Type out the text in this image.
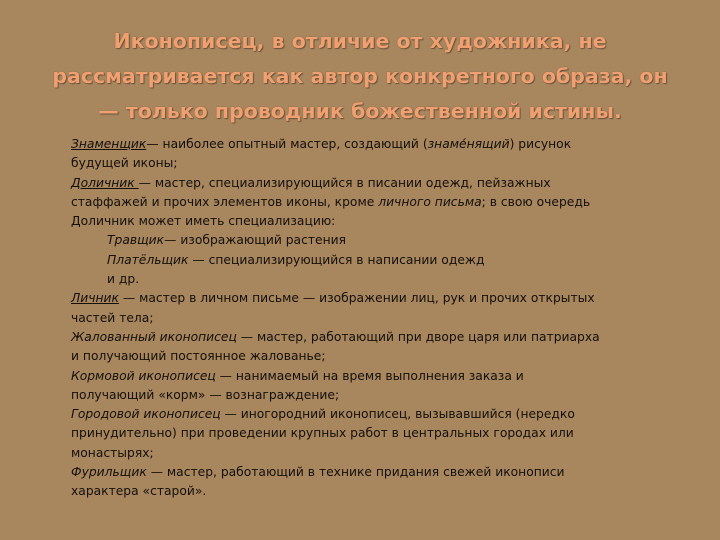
Иконописец, в отличие от художника, не
рассматривается как автор конкретного образа, он
— только проводник божественной истины.
Знаменщик— наиболее опытный мастер, создающий (знаме́нящий) рисунок
будущей иконы;
Доличник — мастер, специализирующийся в писании одежд, пейзажных
стаффажей и прочих элементов иконы, кроме личного письма; в свою очередь
Доличник может иметь специализацию:
Травщик— изображающий растения
Платёльщик — специализирующийся в написании одежд
и др.
Личник — мастер в личном письме — изображении лиц, рук и прочих открытых
частей тела;
Жалованный иконописец — мастер, работающий при дворе царя или патриарха
и получающий постоянное жалованье;
Кормовой иконописец — нанимаемый на время выполнения заказа и
получающий «корм» — вознаграждение;
Городовой иконописец — иногородний иконописец, вызывавшийся (нередко
принудительно) при проведении крупных работ в центральных городах или
монастырях;
Фурильщик — мастер, работающий в технике придания свежей иконописи
характера «старой».
